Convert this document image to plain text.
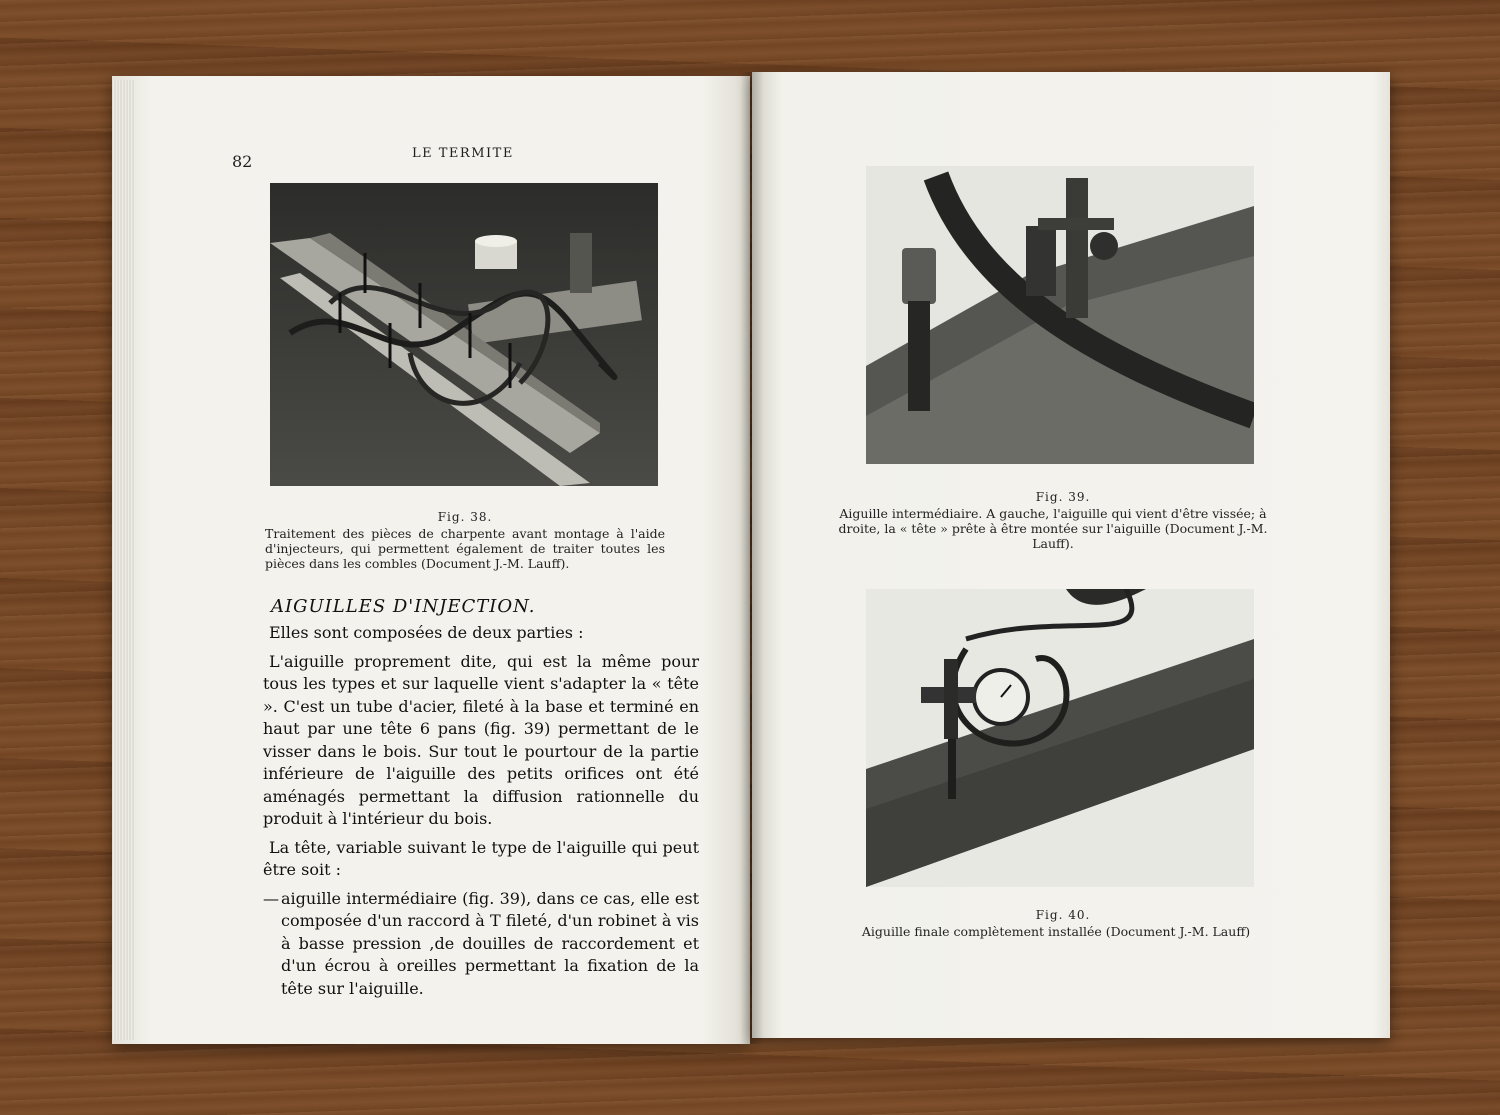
82	LE TERMITE
Fig. 38.
Traitement des pièces de charpente avant montage à l'aide d'injecteurs, qui permettent également de traiter toutes les pièces dans les combles (Document J.-M. Lauff).
AIGUILLES D'INJECTION.

Elles sont composées de deux parties :

L'aiguille proprement dite, qui est la même pour tous les types et sur laquelle vient s'adapter la « tête ». C'est un tube d'acier, fileté à la base et terminé en haut par une tête 6 pans (fig. 39) permettant de le visser dans le bois. Sur tout le pourtour de la partie inférieure de l'aiguille des petits orifices ont été aménagés permettant la diffusion rationnelle du produit à l'intérieur du bois.

La tête, variable suivant le type de l'aiguille qui peut être soit :

— aiguille intermédiaire (fig. 39), dans ce cas, elle est composée d'un raccord à T fileté, d'un robinet à vis à basse pression ,de douilles de raccordement et d'un écrou à oreilles permettant la fixation de la tête sur l'aiguille.
Fig. 39.
Aiguille intermédiaire. A gauche, l'aiguille qui vient d'être vissée; à droite, la « tête » prête à être montée sur l'aiguille (Document J.-M. Lauff).
Fig. 40.
Aiguille finale complètement installée (Document J.-M. Lauff)
